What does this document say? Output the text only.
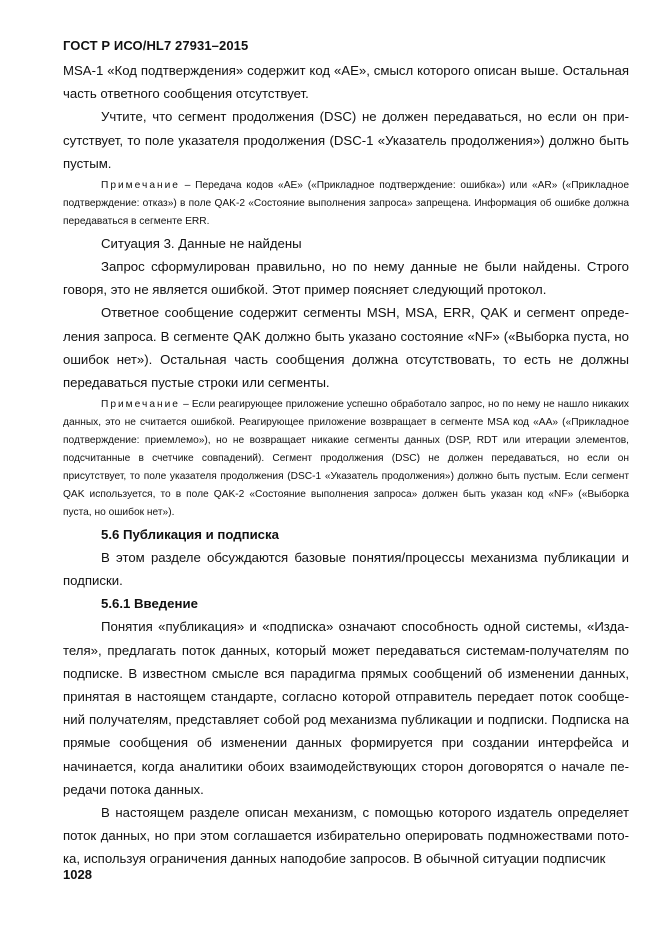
ГОСТ Р ИСО/HL7 27931–2015

MSA-1 «Код подтверждения» содержит код «AE», смысл которого описан выше. Остальная часть ответного сообщения отсутствует.

Учтите, что сегмент продолжения (DSC) не должен передаваться, но если он присутствует, то поле указателя продолжения (DSC-1 «Указатель продолжения») должно быть пустым.

Примечание – Передача кодов «AE» («Прикладное подтверждение: ошибка») или «AR» («Прикладное подтверждение: отказ») в поле QAK-2 «Состояние выполнения запроса» запрещена. Информация об ошибке должна передаваться в сегменте ERR.

Ситуация 3. Данные не найдены

Запрос сформулирован правильно, но по нему данные не были найдены. Строго говоря, это не является ошибкой. Этот пример поясняет следующий протокол.

Ответное сообщение содержит сегменты MSH, MSA, ERR, QAK и сегмент определения запроса. В сегменте QAK должно быть указано состояние «NF» («Выборка пуста, но ошибок нет»). Остальная часть сообщения должна отсутствовать, то есть не должны передаваться пустые строки или сегменты.

Примечание – Если реагирующее приложение успешно обработало запрос, но по нему не нашло никаких данных, это не считается ошибкой. Реагирующее приложение возвращает в сегменте MSA код «AA» («Прикладное подтверждение: приемлемо»), но не возвращает никакие сегменты данных (DSP, RDT или итерации элементов, подсчитанные в счетчике совпадений). Сегмент продолжения (DSC) не должен передаваться, но если он присутствует, то поле указателя продолжения (DSC-1 «Указатель продолжения») должно быть пустым. Если сегмент QAK используется, то в поле QAK-2 «Состояние выполнения запроса» должен быть указан код «NF» («Выборка пуста, но ошибок нет»).

5.6 Публикация и подписка

В этом разделе обсуждаются базовые понятия/процессы механизма публикации и подписки.

5.6.1 Введение

Понятия «публикация» и «подписка» означают способность одной системы, «Издателя», предлагать поток данных, который может передаваться системам-получателям по подписке. В известном смысле вся парадигма прямых сообщений об изменении данных, принятая в настоящем стандарте, согласно которой отправитель передает поток сообщений получателям, представляет собой род механизма публикации и подписки. Подписка на прямые сообщения об изменении данных формируется при создании интерфейса и начинается, когда аналитики обоих взаимодействующих сторон договорятся о начале передачи потока данных.

В настоящем разделе описан механизм, с помощью которого издатель определяет поток данных, но при этом соглашается избирательно оперировать подмножествами потока, используя ограничения данных наподобие запросов. В обычной ситуации подписчик

1028
